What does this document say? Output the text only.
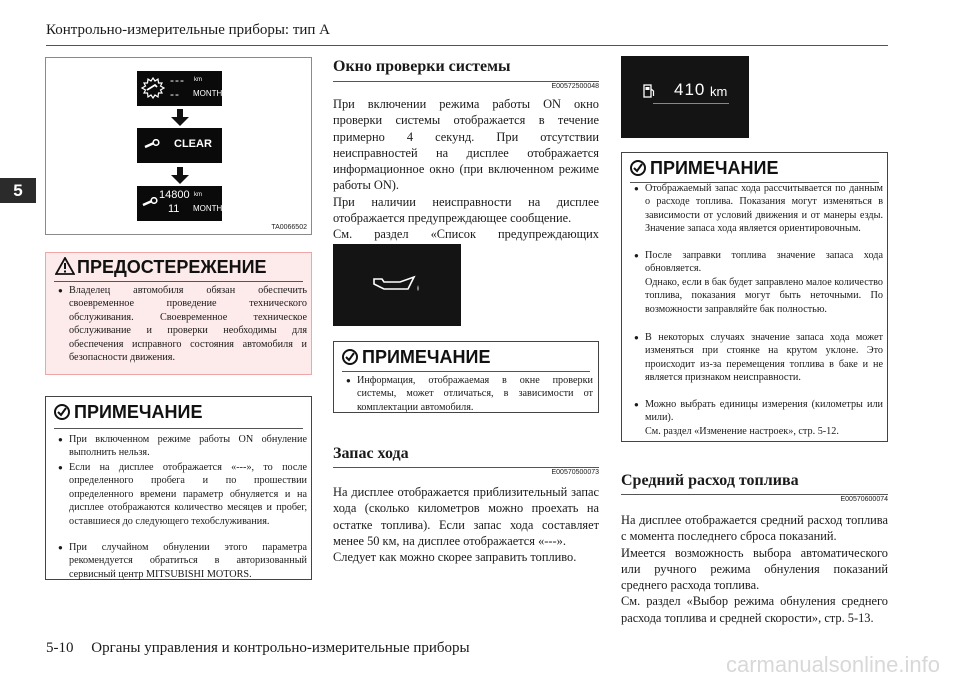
Контрольно-измерительные приборы: тип A
5
---
--
km
MONTH
CLEAR
14800
11
km
MONTH
TA0066502
ПРЕДОСТЕРЕЖЕНИЕ
● Владелец автомобиля обязан обеспечить своевременное проведение технического обслуживания. Своевременное техническое обслуживание и проверки необходимы для обеспечения исправного состояния автомобиля и безопасности движения.
ПРИМЕЧАНИЕ
● При включенном режиме работы ON обнуление выполнить нельзя.
● Если на дисплее отображается «---», то после определенного пробега и по прошествии определенного времени параметр обнуляется и на дисплее отображаются количество месяцев и пробег, оставшиеся до следующего техобслуживания.
● При случайном обнулении этого параметра рекомендуется обратиться в авторизованный сервисный центр MITSUBISHI MOTORS.
Окно проверки системы
E00572500048
При включении режима работы ON окно проверки системы отображается в течение примерно 4 секунд. При отсутствии неисправностей на дисплее отображается информационное окно (при включенном режиме работы ON).
При наличии неисправности на дисплее отображается предупреждающее сообщение.
См. раздел «Список предупреждающих
ПРИМЕЧАНИЕ
● Информация, отображаемая в окне проверки системы, может отличаться, в зависимости от комплектации автомобиля.
Запас хода
E00570500073
На дисплее отображается приблизительный запас хода (сколько километров можно проехать на остатке топлива). Если запас хода составляет менее 50 км, на дисплее отображается «---».
Следует как можно скорее заправить топливо.
410 km
ПРИМЕЧАНИЕ
● Отображаемый запас хода рассчитывается по данным о расходе топлива. Показания могут изменяться в зависимости от условий движения и от манеры езды. Значение запаса хода является ориентировочным.
● После заправки топлива значение запаса хода обновляется.
Однако, если в бак будет заправлено малое количество топлива, показания могут быть неточными. По возможности заправляйте бак полностью.
● В некоторых случаях значение запаса хода может изменяться при стоянке на крутом уклоне. Это происходит из-за перемещения топлива в баке и не является признаком неисправности.
● Можно выбрать единицы измерения (километры или мили).
См. раздел «Изменение настроек», стр. 5-12.
Средний расход топлива
E00570600074
На дисплее отображается средний расход топлива с момента последнего сброса показаний.
Имеется возможность выбора автоматического или ручного режима обнуления показаний среднего расхода топлива.
См. раздел «Выбор режима обнуления среднего расхода топлива и средней скорости», стр. 5-13.
5-10 Органы управления и контрольно-измерительные приборы
carmanualsonline.info
